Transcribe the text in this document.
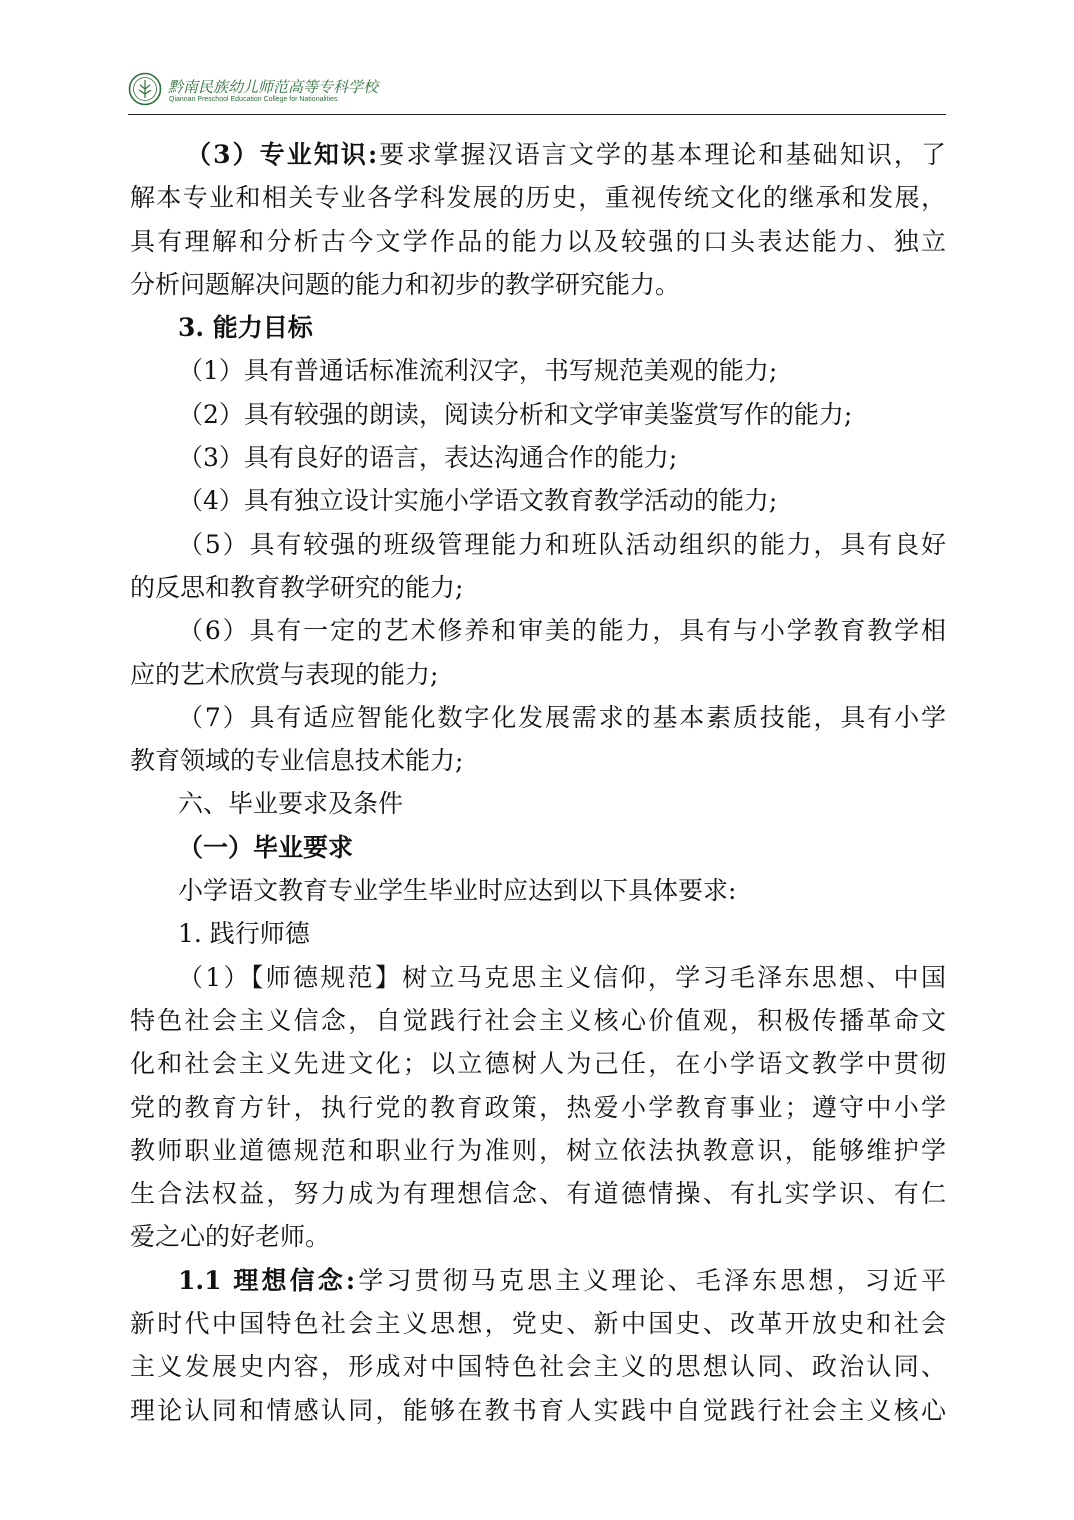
黔南民族幼儿师范高等专科学校
Qiannan Preschool Education College for Nationalities

（3）专业知识:要求掌握汉语言文学的基本理论和基础知识，了

解本专业和相关专业各学科发展的历史，重视传统文化的继承和发展，

具有理解和分析古今文学作品的能力以及较强的口头表达能力、独立

分析问题解决问题的能力和初步的教学研究能力。

3. 能力目标

（1）具有普通话标准流利汉字，书写规范美观的能力;

（2）具有较强的朗读，阅读分析和文学审美鉴赏写作的能力;

（3）具有良好的语言，表达沟通合作的能力;

（4）具有独立设计实施小学语文教育教学活动的能力;

（5）具有较强的班级管理能力和班队活动组织的能力，具有良好

的反思和教育教学研究的能力;

（6）具有一定的艺术修养和审美的能力，具有与小学教育教学相

应的艺术欣赏与表现的能力;

（7）具有适应智能化数字化发展需求的基本素质技能，具有小学

教育领域的专业信息技术能力;

六、毕业要求及条件

（一）毕业要求

小学语文教育专业学生毕业时应达到以下具体要求:

1. 践行师德

（1）【师德规范】树立马克思主义信仰，学习毛泽东思想、中国

特色社会主义信念，自觉践行社会主义核心价值观，积极传播革命文

化和社会主义先进文化；以立德树人为己任，在小学语文教学中贯彻

党的教育方针，执行党的教育政策，热爱小学教育事业；遵守中小学

教师职业道德规范和职业行为准则，树立依法执教意识，能够维护学

生合法权益，努力成为有理想信念、有道德情操、有扎实学识、有仁

爱之心的好老师。

1.1 理想信念:学习贯彻马克思主义理论、毛泽东思想，习近平

新时代中国特色社会主义思想，党史、新中国史、改革开放史和社会

主义发展史内容，形成对中国特色社会主义的思想认同、政治认同、

理论认同和情感认同，能够在教书育人实践中自觉践行社会主义核心
